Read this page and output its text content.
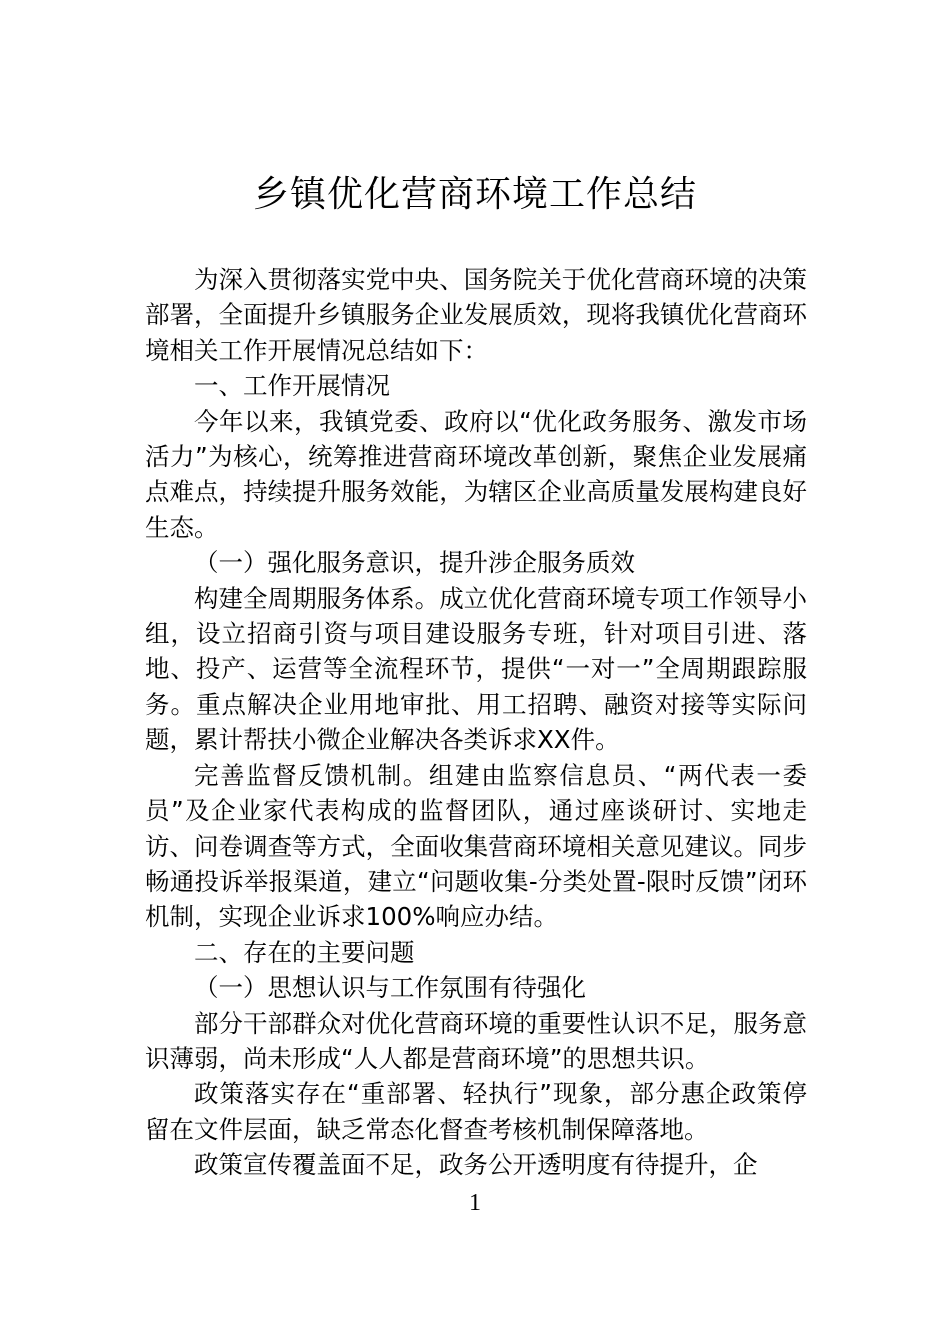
乡镇优化营商环境工作总结

为深入贯彻落实党中央、国务院关于优化营商环境的决策部署，全面提升乡镇服务企业发展质效，现将我镇优化营商环境相关工作开展情况总结如下：

一、工作开展情况

今年以来，我镇党委、政府以“优化政务服务、激发市场活力”为核心，统筹推进营商环境改革创新，聚焦企业发展痛点难点，持续提升服务效能，为辖区企业高质量发展构建良好生态。

（一）强化服务意识，提升涉企服务质效

构建全周期服务体系。成立优化营商环境专项工作领导小组，设立招商引资与项目建设服务专班，针对项目引进、落地、投产、运营等全流程环节，提供“一对一”全周期跟踪服务。重点解决企业用地审批、用工招聘、融资对接等实际问题，累计帮扶小微企业解决各类诉求XX件。

完善监督反馈机制。组建由监察信息员、“两代表一委员”及企业家代表构成的监督团队，通过座谈研讨、实地走访、问卷调查等方式，全面收集营商环境相关意见建议。同步畅通投诉举报渠道，建立“问题收集-分类处置-限时反馈”闭环机制，实现企业诉求100%响应办结。

二、存在的主要问题

（一）思想认识与工作氛围有待强化

部分干部群众对优化营商环境的重要性认识不足，服务意识薄弱，尚未形成“人人都是营商环境”的思想共识。

政策落实存在“重部署、轻执行”现象，部分惠企政策停留在文件层面，缺乏常态化督查考核机制保障落地。

政策宣传覆盖面不足，政务公开透明度有待提升，企

1
